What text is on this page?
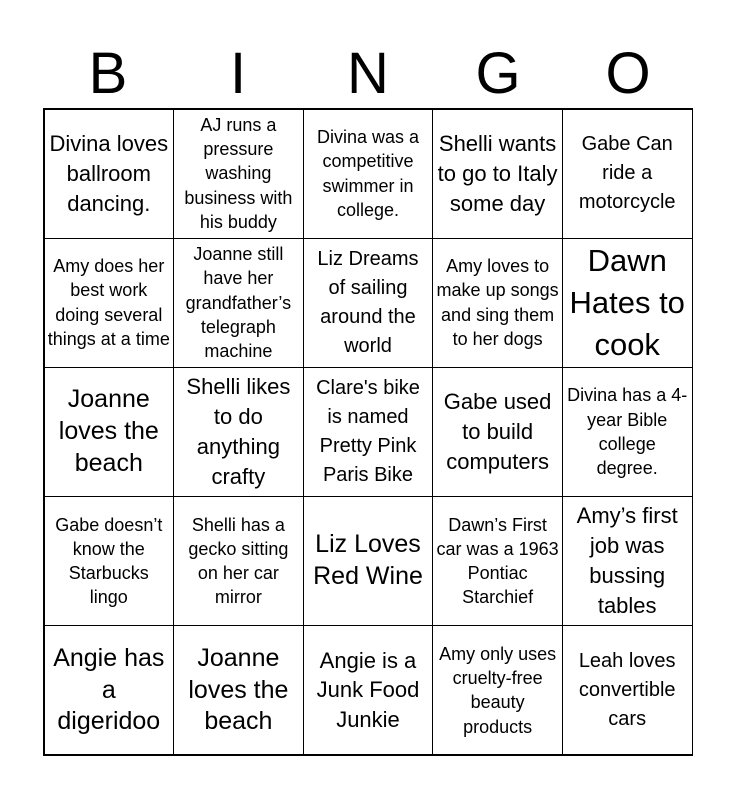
B	I	N	G	O
Divina loves ballroom dancing.
AJ runs a pressure washing business with his buddy
Divina was a competitive swimmer in college.
Shelli wants to go to Italy some day
Gabe Can ride a motorcycle
Amy does her best work doing several things at a time
Joanne still have her grandfather’s telegraph machine
Liz Dreams of sailing around the world
Amy loves to make up songs and sing them to her dogs
Dawn Hates to cook
Joanne loves the beach
Shelli likes to do anything crafty
Clare's bike is named Pretty Pink Paris Bike
Gabe used to build computers
Divina has a 4- year Bible college degree.
Gabe doesn’t know the Starbucks lingo
Shelli has a gecko sitting on her car mirror
Liz Loves Red Wine
Dawn’s First car was a 1963 Pontiac Starchief
Amy’s first job was bussing tables
Angie has a digeridoo
Joanne loves the beach
Angie is a Junk Food Junkie
Amy only uses cruelty-free beauty products
Leah loves convertible cars
